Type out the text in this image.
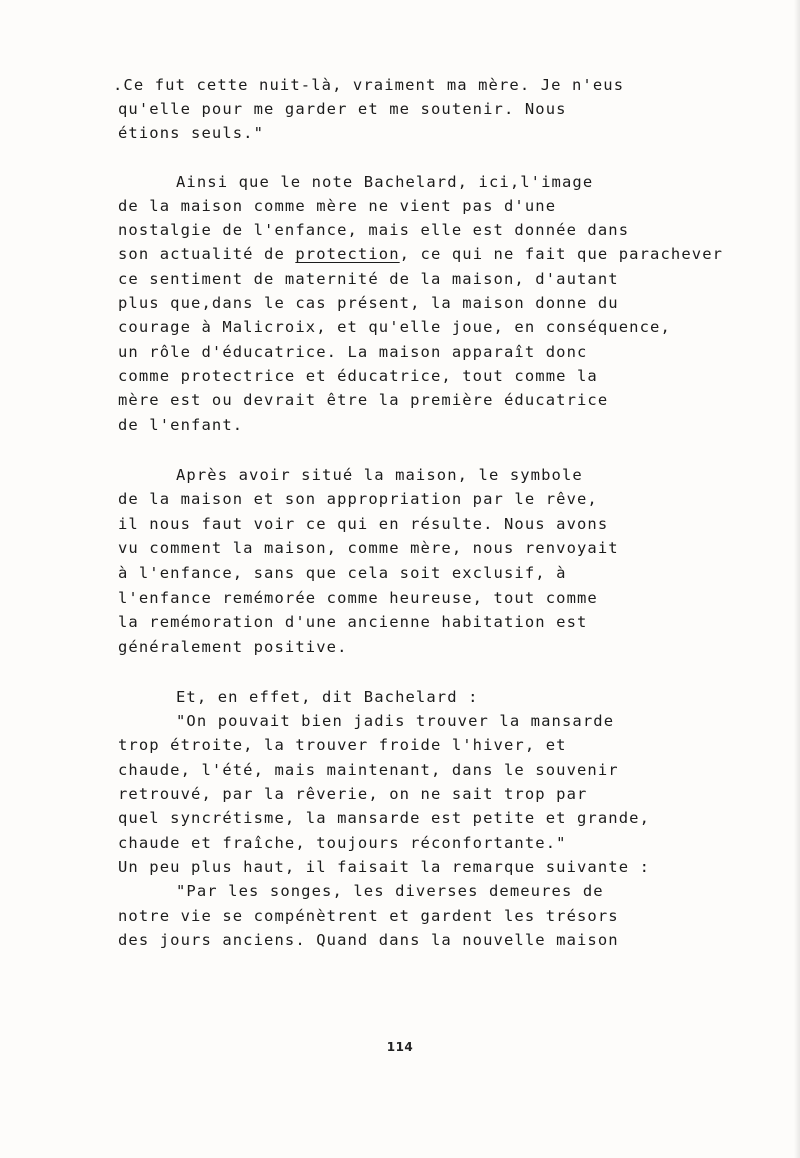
.Ce fut cette nuit-là, vraiment ma mère. Je n'eus
qu'elle pour me garder et me soutenir. Nous
étions seuls."
Ainsi que le note Bachelard, ici,l'image
de la maison comme mère ne vient pas d'une
nostalgie de l'enfance, mais elle est donnée dans
son actualité de protection, ce qui ne fait que parachever
ce sentiment de maternité de la maison, d'autant
plus que,dans le cas présent, la maison donne du
courage à Malicroix, et qu'elle joue, en conséquence,
un rôle d'éducatrice. La maison apparaît donc
comme protectrice et éducatrice, tout comme la
mère est ou devrait être la première éducatrice
de l'enfant.
Après avoir situé la maison, le symbole
de la maison et son appropriation par le rêve,
il nous faut voir ce qui en résulte. Nous avons
vu comment la maison, comme mère, nous renvoyait
à l'enfance, sans que cela soit exclusif, à
l'enfance remémorée comme heureuse, tout comme
la remémoration d'une ancienne habitation est
généralement positive.
Et, en effet, dit Bachelard :
"On pouvait bien jadis trouver la mansarde
trop étroite, la trouver froide l'hiver, et
chaude, l'été, mais maintenant, dans le souvenir
retrouvé, par la rêverie, on ne sait trop par
quel syncrétisme, la mansarde est petite et grande,
chaude et fraîche, toujours réconfortante."
Un peu plus haut, il faisait la remarque suivante :
"Par les songes, les diverses demeures de
notre vie se compénètrent et gardent les trésors
des jours anciens. Quand dans la nouvelle maison
114
